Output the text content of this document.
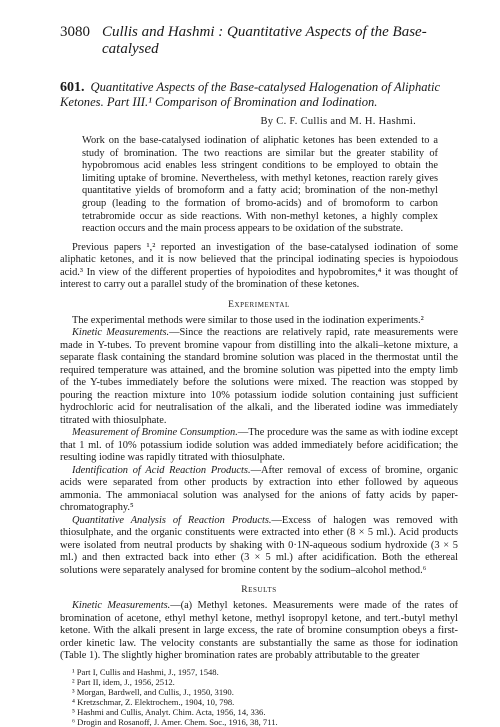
3080 Cullis and Hashmi : Quantitative Aspects of the Base-catalysed
601. Quantitative Aspects of the Base-catalysed Halogenation of Aliphatic Ketones. Part III.¹ Comparison of Bromination and Iodination.
By C. F. Cullis and M. H. Hashmi.
Work on the base-catalysed iodination of aliphatic ketones has been extended to a study of bromination. The two reactions are similar but the greater stability of hypobromous acid enables less stringent conditions to be employed to obtain the limiting uptake of bromine. Nevertheless, with methyl ketones, reaction rarely gives quantitative yields of bromoform and a fatty acid; bromination of the non-methyl group (leading to the formation of bromo-acids) and of bromoform to carbon tetrabromide occur as side reactions. With non-methyl ketones, a highly complex reaction occurs and the main process appears to be oxidation of the substrate.

Previous papers ¹,² reported an investigation of the base-catalysed iodination of some aliphatic ketones, and it is now believed that the principal iodinating species is hypoiodous acid.³ In view of the different properties of hypoiodites and hypobromites,⁴ it was thought of interest to carry out a parallel study of the bromination of these ketones.

Experimental

The experimental methods were similar to those used in the iodination experiments.²

Kinetic Measurements.—Since the reactions are relatively rapid, rate measurements were made in Y-tubes. To prevent bromine vapour from distilling into the alkali–ketone mixture, a separate flask containing the standard bromine solution was placed in the thermostat until the required temperature was attained, and the bromine solution was pipetted into the empty limb of the Y-tubes immediately before the solutions were mixed. The reaction was stopped by pouring the reaction mixture into 10% potassium iodide solution containing just sufficient hydrochloric acid for neutralisation of the alkali, and the liberated iodine was immediately titrated with thiosulphate.

Measurement of Bromine Consumption.—The procedure was the same as with iodine except that 1 ml. of 10% potassium iodide solution was added immediately before acidification; the resulting iodine was rapidly titrated with thiosulphate.

Identification of Acid Reaction Products.—After removal of excess of bromine, organic acids were separated from other products by extraction into ether followed by aqueous ammonia. The ammoniacal solution was analysed for the anions of fatty acids by paper-chromatography.⁵

Quantitative Analysis of Reaction Products.—Excess of halogen was removed with thiosulphate, and the organic constituents were extracted into ether (8 × 5 ml.). Acid products were isolated from neutral products by shaking with 0·1N-aqueous sodium hydroxide (3 × 5 ml.) and then extracted back into ether (3 × 5 ml.) after acidification. Both the ethereal solutions were separately analysed for bromine content by the sodium–alcohol method.⁶

Results

Kinetic Measurements.—(a) Methyl ketones. Measurements were made of the rates of bromination of acetone, ethyl methyl ketone, methyl isopropyl ketone, and tert.-butyl methyl ketone. With the alkali present in large excess, the rate of bromine consumption obeys a first-order kinetic law. The velocity constants are substantially the same as those for iodination (Table 1). The slightly higher bromination rates are probably attributable to the greater

¹ Part I, Cullis and Hashmi, J., 1957, 1548.
² Part II, idem, J., 1956, 2512.
³ Morgan, Bardwell, and Cullis, J., 1950, 3190.
⁴ Kretzschmar, Z. Elektrochem., 1904, 10, 798.
⁵ Hashmi and Cullis, Analyt. Chim. Acta, 1956, 14, 336.
⁶ Drogin and Rosanoff, J. Amer. Chem. Soc., 1916, 38, 711.
